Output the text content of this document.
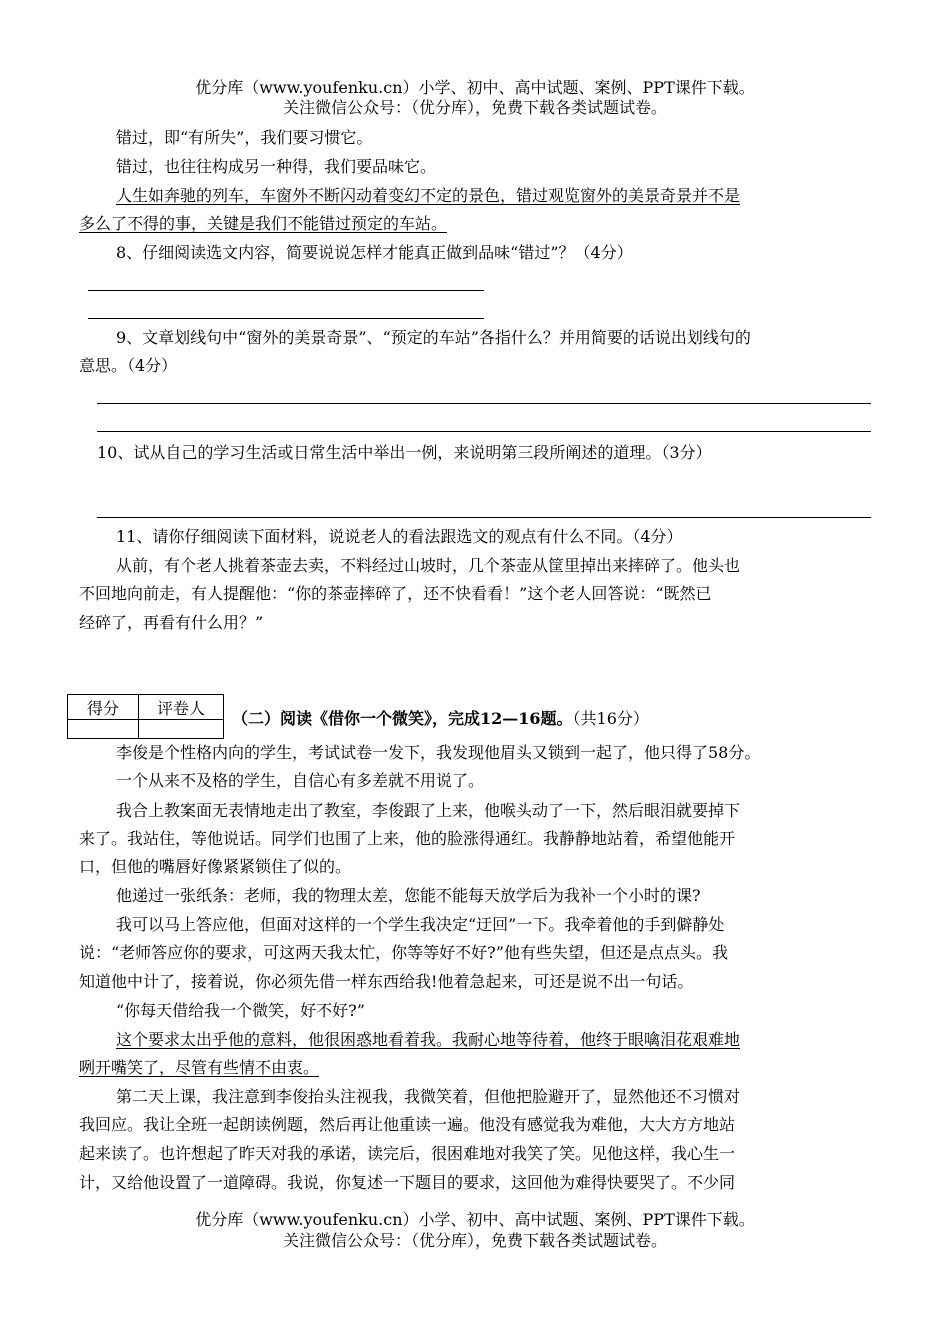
优分库（www.youfenku.cn）小学、初中、高中试题、案例、PPT课件下载。
关注微信公众号：（优分库），免费下载各类试题试卷。
错过，即“有所失”，我们要习惯它。
错过，也往往构成另一种得，我们要品味它。
人生如奔驰的列车，车窗外不断闪动着变幻不定的景色，错过观览窗外的美景奇景并不是
多么了不得的事，关键是我们不能错过预定的车站。
8、仔细阅读选文内容，简要说说怎样才能真正做到品味“错过”？（4分）
9、文章划线句中“窗外的美景奇景”、“预定的车站”各指什么？并用简要的话说出划线句的
意思。（4分）
10、试从自己的学习生活或日常生活中举出一例，来说明第三段所阐述的道理。（3分）
11、请你仔细阅读下面材料，说说老人的看法跟选文的观点有什么不同。（4分）
从前，有个老人挑着茶壶去卖，不料经过山坡时，几个茶壶从筐里掉出来摔碎了。他头也
不回地向前走，有人提醒他：“你的茶壶摔碎了，还不快看看！”这个老人回答说：“既然已
经碎了，再看有什么用？”
得分	评卷人

（二）阅读《借你一个微笑》，完成12—16题。（共16分）
李俊是个性格内向的学生，考试试卷一发下，我发现他眉头又锁到一起了，他只得了58分。
一个从来不及格的学生，自信心有多差就不用说了。
我合上教案面无表情地走出了教室，李俊跟了上来，他喉头动了一下，然后眼泪就要掉下
来了。我站住，等他说话。同学们也围了上来，他的脸涨得通红。我静静地站着，希望他能开
口，但他的嘴唇好像紧紧锁住了似的。
他递过一张纸条：老师，我的物理太差，您能不能每天放学后为我补一个小时的课?
我可以马上答应他，但面对这样的一个学生我决定“迂回”一下。我牵着他的手到僻静处
说：“老师答应你的要求，可这两天我太忙，你等等好不好?”他有些失望，但还是点点头。我
知道他中计了，接着说，你必须先借一样东西给我!他着急起来，可还是说不出一句话。
“你每天借给我一个微笑，好不好?”
这个要求太出乎他的意料，他很困惑地看着我。我耐心地等待着，他终于眼噙泪花艰难地
咧开嘴笑了，尽管有些情不由衷。
第二天上课，我注意到李俊抬头注视我，我微笑着，但他把脸避开了，显然他还不习惯对
我回应。我让全班一起朗读例题，然后再让他重读一遍。他没有感觉我为难他，大大方方地站
起来读了。也许想起了昨天对我的承诺，读完后，很困难地对我笑了笑。见他这样，我心生一
计，又给他设置了一道障碍。我说，你复述一下题目的要求，这回他为难得快要哭了。不少同
优分库（www.youfenku.cn）小学、初中、高中试题、案例、PPT课件下载。
关注微信公众号：（优分库），免费下载各类试题试卷。
